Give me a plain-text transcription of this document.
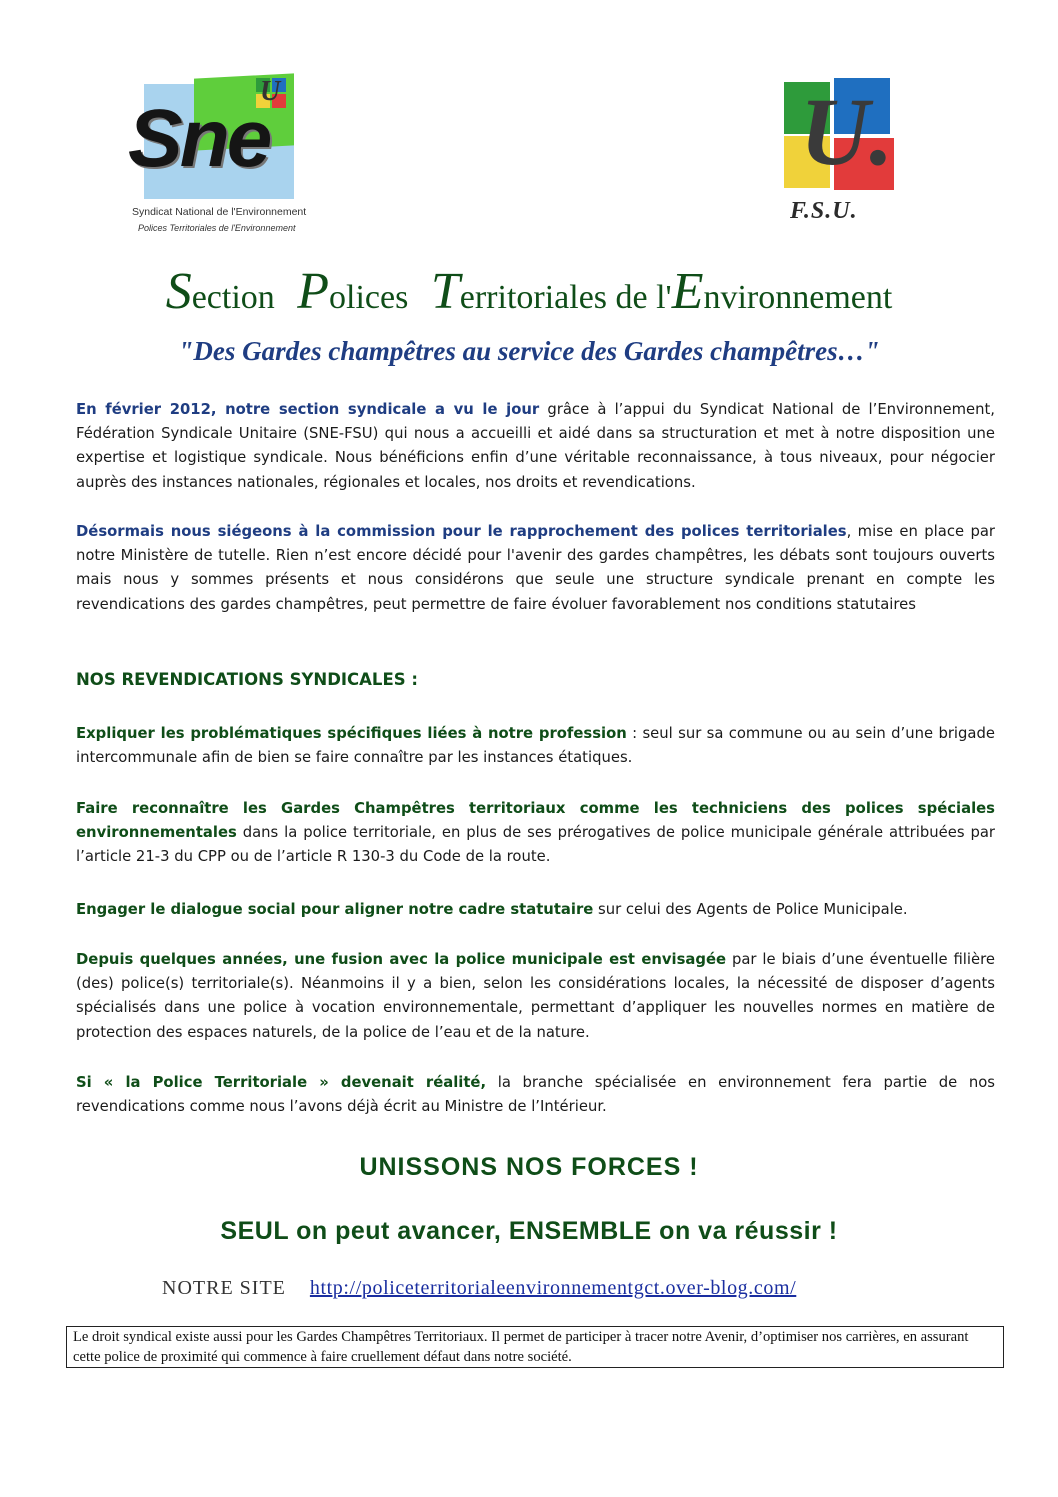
U
Sne
Syndicat National de l'Environnement
Polices Territoriales de l'Environnement
U.
F.S.U.
Section Polices Territoriales de l'Environnement
"Des Gardes champêtres au service des Gardes champêtres…"
En février 2012, notre section syndicale a vu le jour grâce à l’appui du Syndicat National de l’Environnement, Fédération Syndicale Unitaire (SNE-FSU) qui nous a accueilli et aidé dans sa structuration et met à notre disposition une expertise et logistique syndicale. Nous bénéficions enfin d’une véritable reconnaissance, à tous niveaux, pour négocier auprès des instances nationales, régionales et locales, nos droits et revendications.
Désormais nous siégeons à la commission pour le rapprochement des polices territoriales, mise en place par notre Ministère de tutelle. Rien n’est encore décidé pour l'avenir des gardes champêtres, les débats sont toujours ouverts mais nous y sommes présents et nous considérons que seule une structure syndicale prenant en compte les revendications des gardes champêtres, peut permettre de faire évoluer favorablement nos conditions statutaires
NOS REVENDICATIONS SYNDICALES :
Expliquer les problématiques spécifiques liées à notre profession : seul sur sa commune ou au sein d’une brigade intercommunale afin de bien se faire connaître par les instances étatiques.
Faire reconnaître les Gardes Champêtres territoriaux comme les techniciens des polices spéciales environnementales dans la police territoriale, en plus de ses prérogatives de police municipale générale attribuées par l’article 21-3 du CPP ou de l’article R 130-3 du Code de la route.
Engager le dialogue social pour aligner notre cadre statutaire sur celui des Agents de Police Municipale.
Depuis quelques années, une fusion avec la police municipale est envisagée par le biais d’une éventuelle filière (des) police(s) territoriale(s). Néanmoins il y a bien, selon les considérations locales, la nécessité de disposer d’agents spécialisés dans une police à vocation environnementale, permettant d’appliquer les nouvelles normes en matière de protection des espaces naturels, de la police de l’eau et de la nature.
Si « la Police Territoriale » devenait réalité, la branche spécialisée en environnement fera partie de nos revendications comme nous l’avons déjà écrit au Ministre de l’Intérieur.
UNISSONS NOS FORCES !
SEUL on peut avancer, ENSEMBLE on va réussir !
NOTRE SITE http://policeterritorialeenvironnementgct.over-blog.com/
Le droit syndical existe aussi pour les Gardes Champêtres Territoriaux. Il permet de participer à tracer notre Avenir, d’optimiser nos carrières, en assurant cette police de proximité qui commence à faire cruellement défaut dans notre société.
